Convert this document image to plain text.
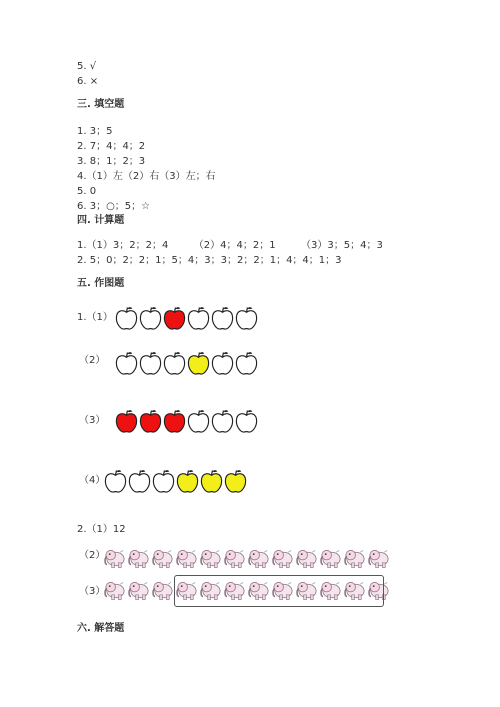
5. √
6. ×
三. 填空题
1. 3；5
2. 7；4；4；2
3. 8；1；2；3
4.（1）左（2）右（3）左；右
5. 0
6. 3；○；5；☆
四. 计算题
1.（1）3；2；2；4        （2）4；4；2；1        （3）3；5；4；3
2. 5；0；2；2；1；5；4；3；3；2；2；1；4；4；1；3
五. 作图题
1.（1）
（2）
（3）
（4）
2.（1）12
（2）
（3）
六. 解答题
